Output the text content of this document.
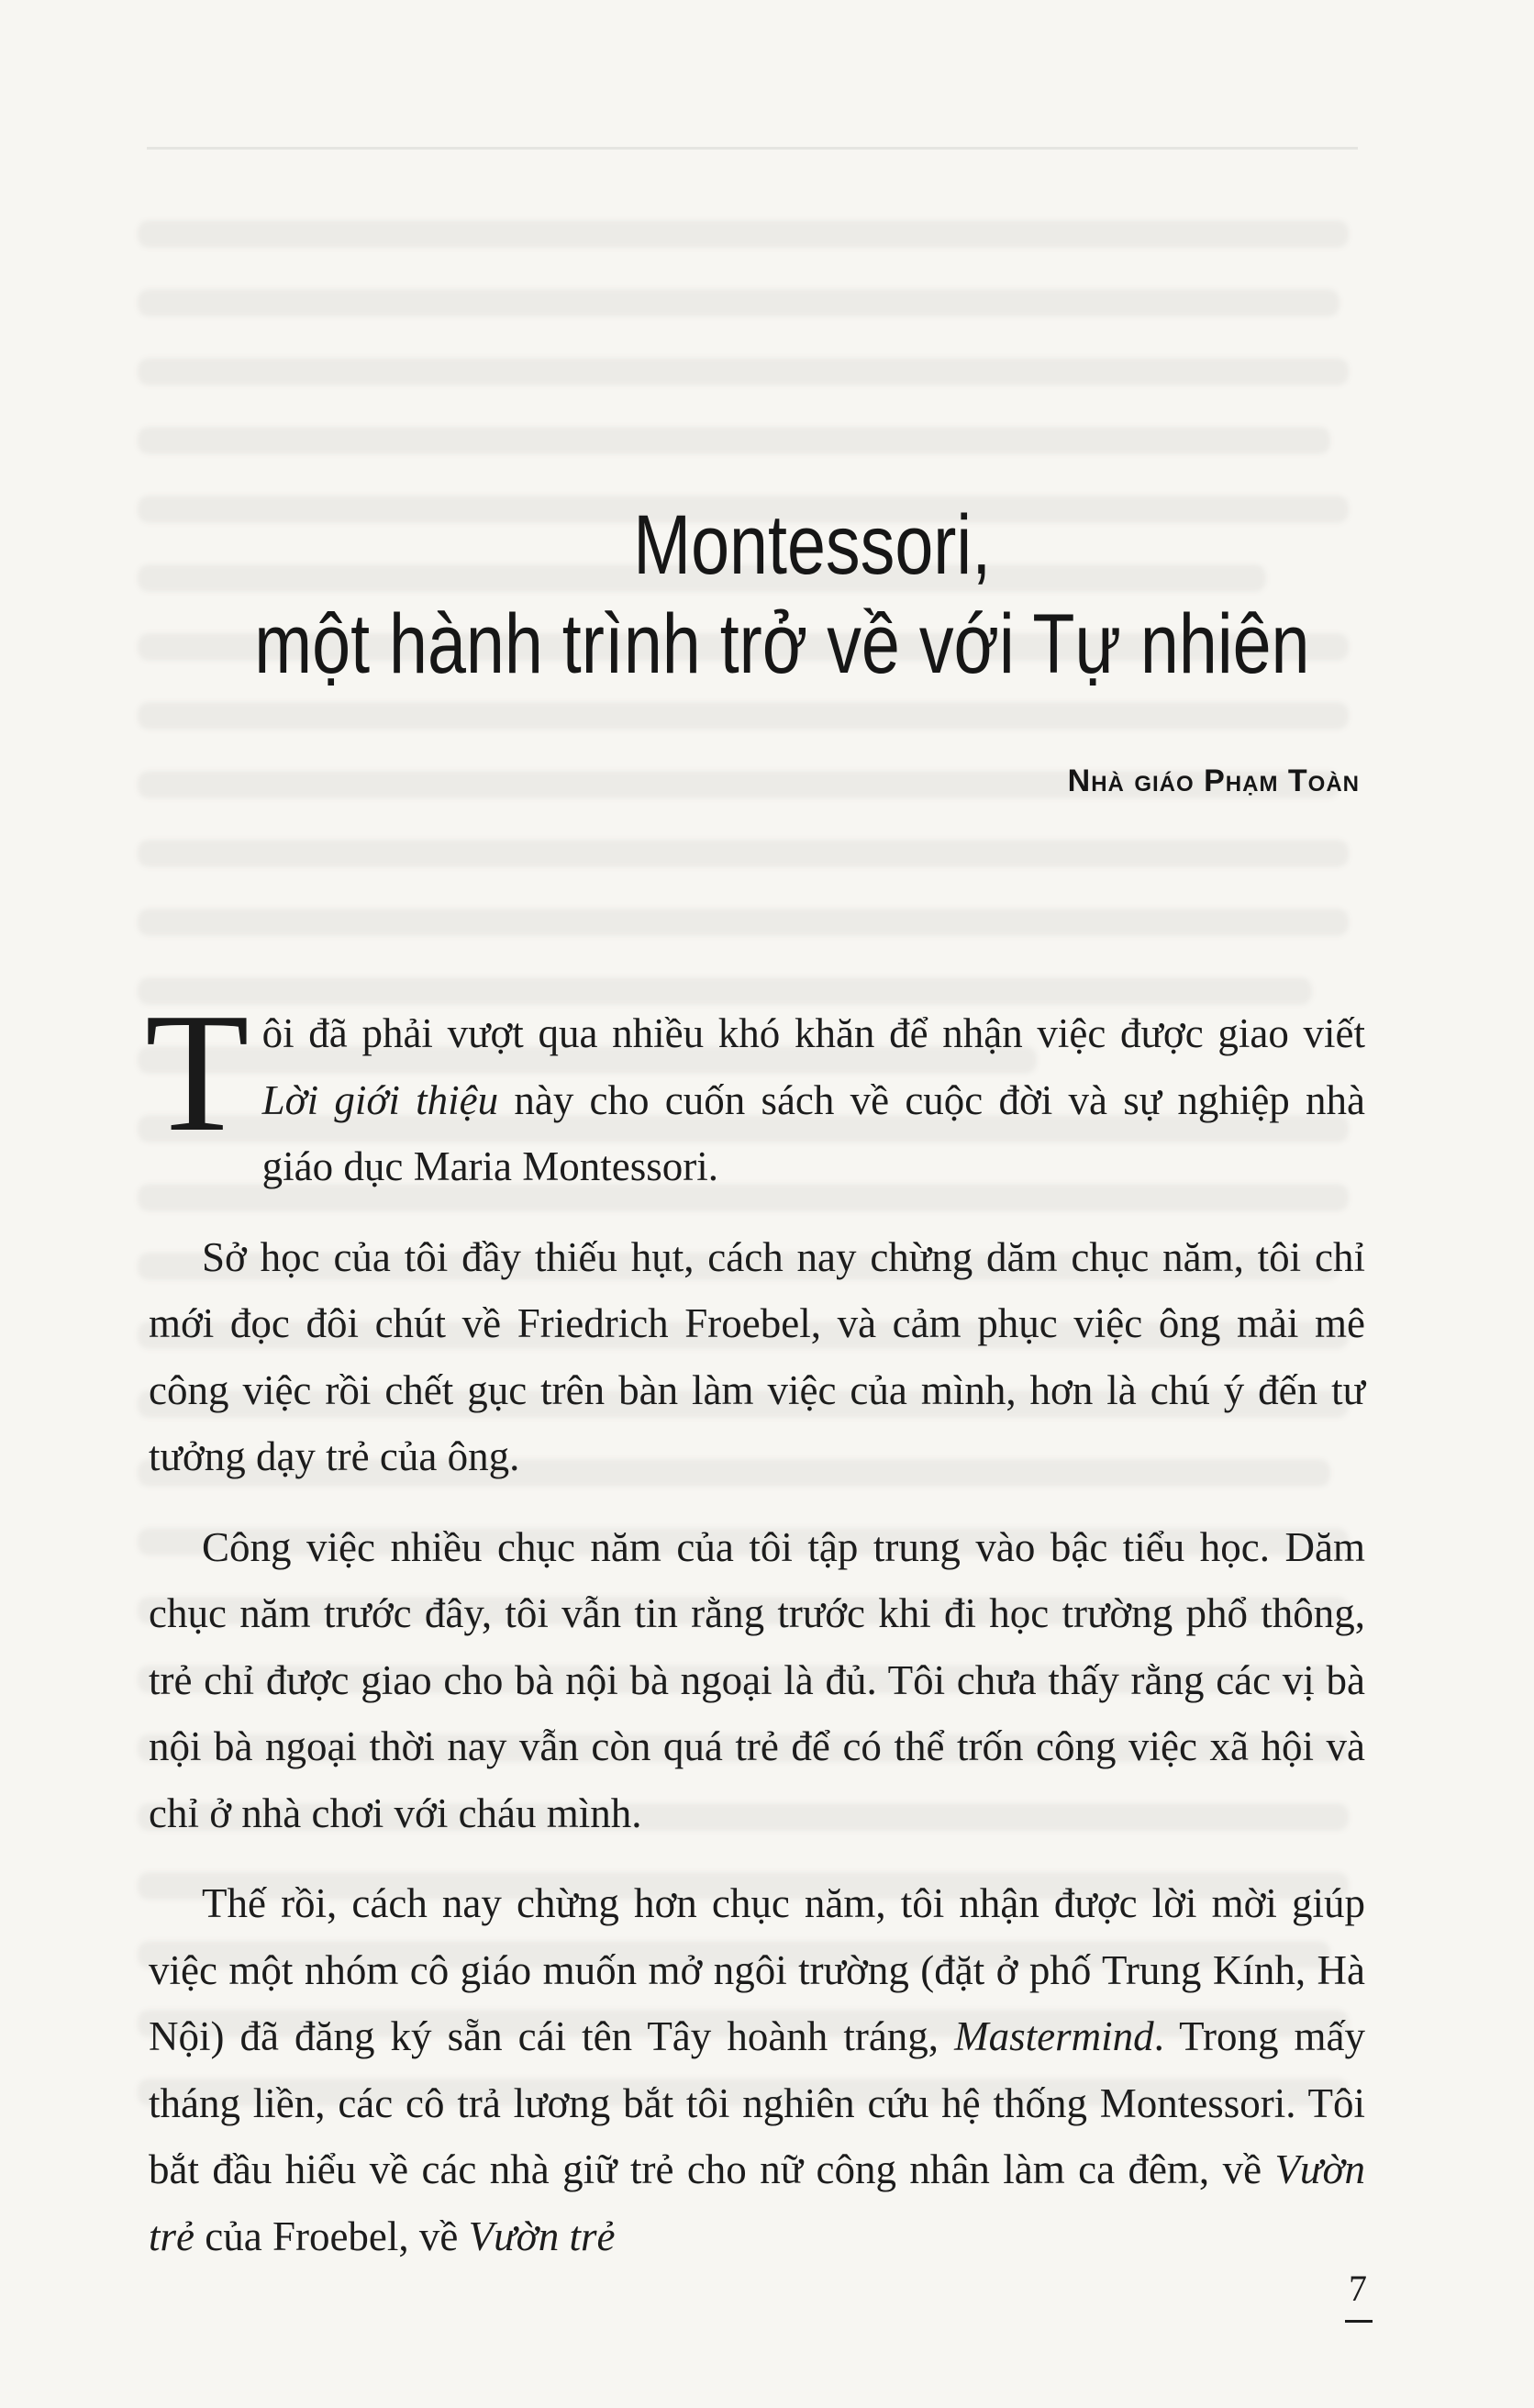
Montessori,
một hành trình trở về với Tự nhiên
Nhà giáo Phạm Toàn

Tôi đã phải vượt qua nhiều khó khăn để nhận việc được giao viết Lời giới thiệu này cho cuốn sách về cuộc đời và sự nghiệp nhà giáo dục Maria Montessori.

Sở học của tôi đầy thiếu hụt, cách nay chừng dăm chục năm, tôi chỉ mới đọc đôi chút về Friedrich Froebel, và cảm phục việc ông mải mê công việc rồi chết gục trên bàn làm việc của mình, hơn là chú ý đến tư tưởng dạy trẻ của ông.

Công việc nhiều chục năm của tôi tập trung vào bậc tiểu học. Dăm chục năm trước đây, tôi vẫn tin rằng trước khi đi học trường phổ thông, trẻ chỉ được giao cho bà nội bà ngoại là đủ. Tôi chưa thấy rằng các vị bà nội bà ngoại thời nay vẫn còn quá trẻ để có thể trốn công việc xã hội và chỉ ở nhà chơi với cháu mình.

Thế rồi, cách nay chừng hơn chục năm, tôi nhận được lời mời giúp việc một nhóm cô giáo muốn mở ngôi trường (đặt ở phố Trung Kính, Hà Nội) đã đăng ký sẵn cái tên Tây hoành tráng, Mastermind. Trong mấy tháng liền, các cô trả lương bắt tôi nghiên cứu hệ thống Montessori. Tôi bắt đầu hiểu về các nhà giữ trẻ cho nữ công nhân làm ca đêm, về Vườn trẻ của Froebel, về Vườn trẻ

7
